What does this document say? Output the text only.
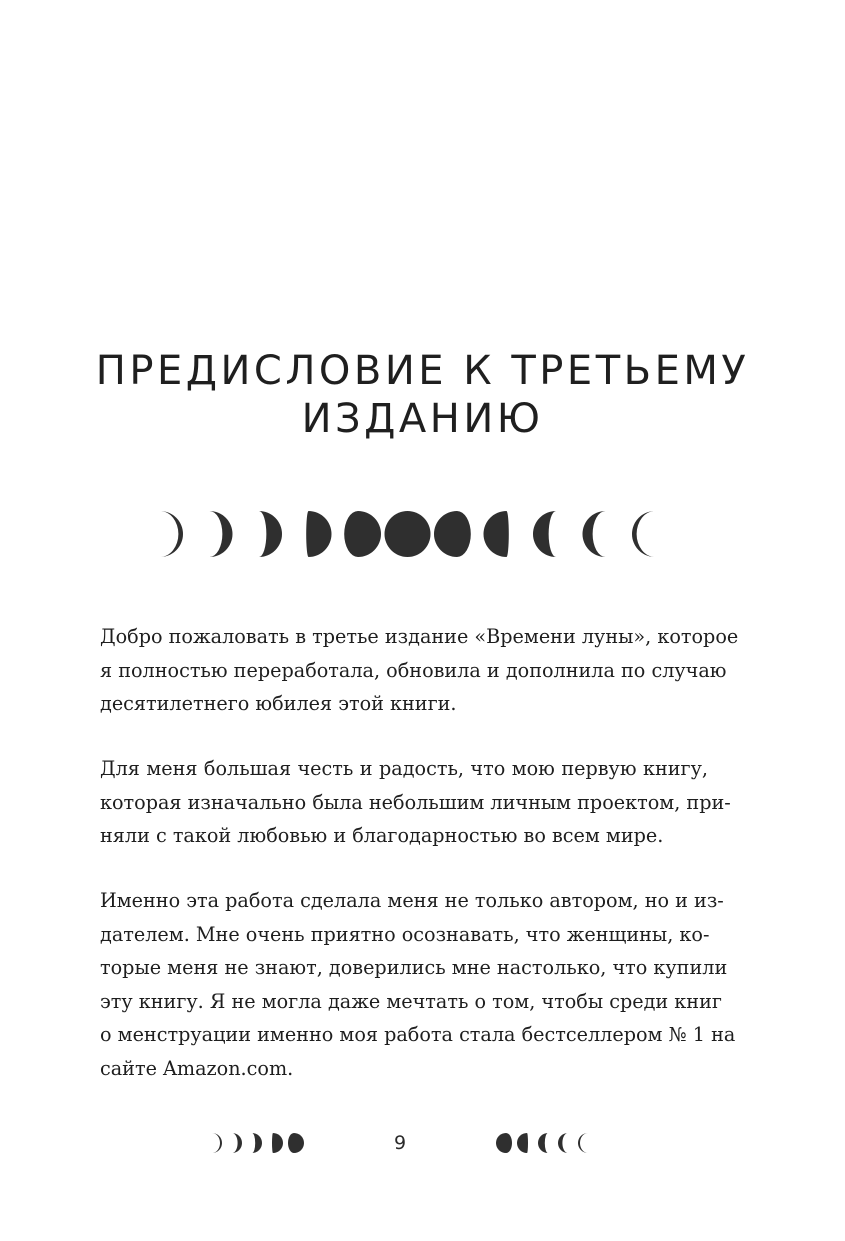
ПРЕДИСЛОВИЕ К ТРЕТЬЕМУ
ИЗДАНИЮ
Добро пожаловать в третье издание «Времени луны», которое
я полностью переработала, обновила и дополнила по случаю
десятилетнего юбилея этой книги.
Для меня большая честь и радость, что мою первую книгу,
которая изначально была небольшим личным проектом, при-
няли с такой любовью и благодарностью во всем мире.
Именно эта работа сделала меня не только автором, но и из-
дателем. Мне очень приятно осознавать, что женщины, ко-
торые меня не знают, доверились мне настолько, что купили
эту книгу. Я не могла даже мечтать о том, чтобы среди книг
о менструации именно моя работа стала бестселлером № 1 на
сайте Amazon.com.
9
